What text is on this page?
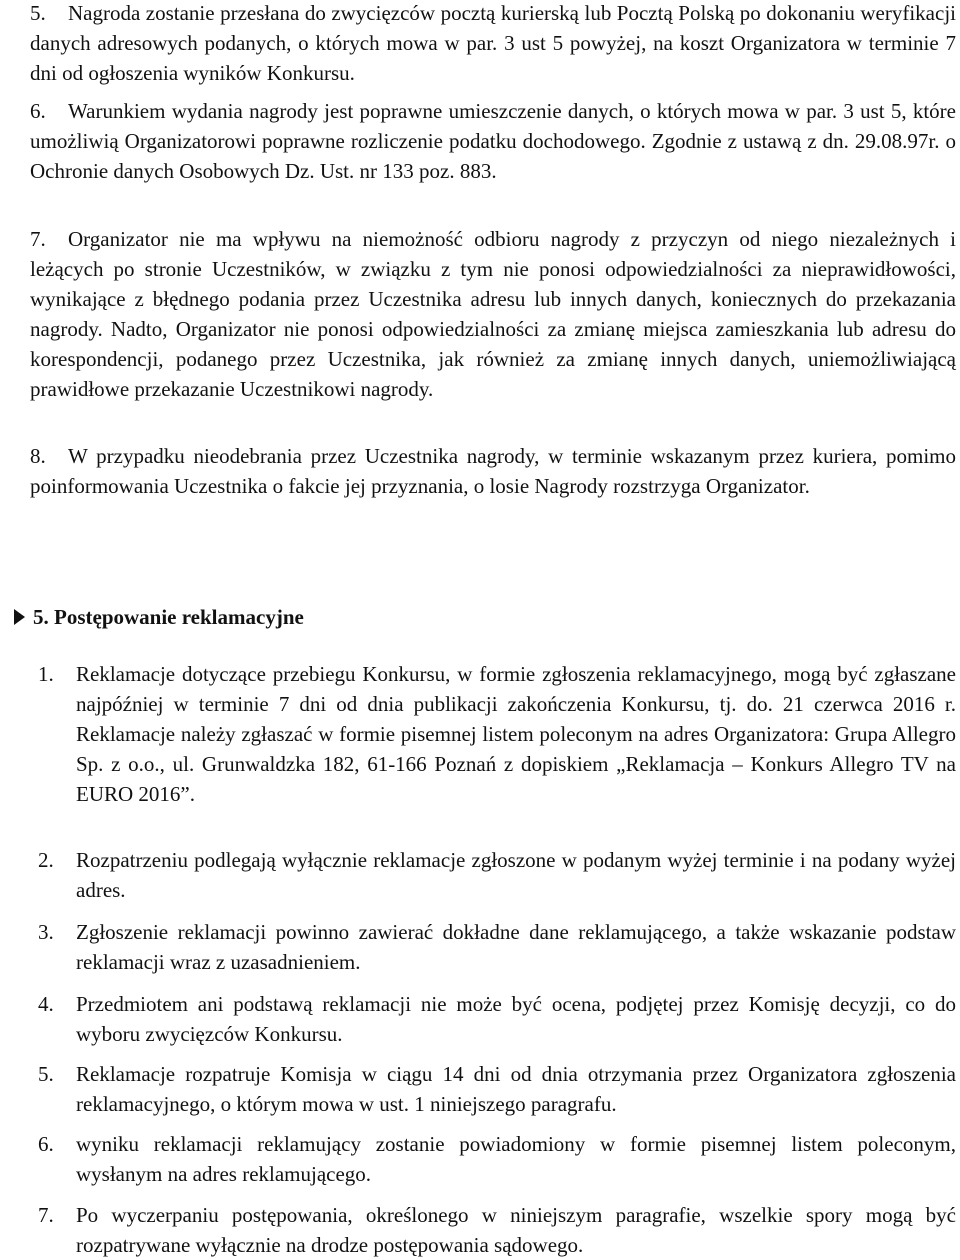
5.	Nagroda zostanie przesłana do zwycięzców pocztą kurierską lub Pocztą Polską po dokonaniu weryfikacji danych adresowych podanych, o których mowa w par. 3 ust 5 powyżej, na koszt Organizatora w terminie 7 dni od ogłoszenia wyników Konkursu.
6.	Warunkiem wydania nagrody jest poprawne umieszczenie danych, o których mowa w par. 3 ust 5, które umożliwią Organizatorowi poprawne rozliczenie podatku dochodowego. Zgodnie z ustawą z dn. 29.08.97r. o Ochronie danych Osobowych Dz. Ust. nr 133 poz. 883.
7.	Organizator nie ma wpływu na niemożność odbioru nagrody z przyczyn od niego niezależnych i leżących po stronie Uczestników, w związku z tym nie ponosi odpowiedzialności za nieprawidłowości, wynikające z błędnego podania przez Uczestnika adresu lub innych danych, koniecznych do przekazania nagrody. Nadto, Organizator nie ponosi odpowiedzialności za zmianę miejsca zamieszkania lub adresu do korespondencji, podanego przez Uczestnika, jak również za zmianę innych danych, uniemożliwiającą prawidłowe przekazanie Uczestnikowi nagrody.
8.	W przypadku nieodebrania przez Uczestnika nagrody, w terminie wskazanym przez kuriera, pomimo poinformowania Uczestnika o fakcie jej przyznania, o losie Nagrody rozstrzyga Organizator.
5. Postępowanie reklamacyjne
1.	Reklamacje dotyczące przebiegu Konkursu, w formie zgłoszenia reklamacyjnego, mogą być zgłaszane najpóźniej w terminie 7 dni od dnia publikacji zakończenia Konkursu, tj. do. 21 czerwca 2016 r. Reklamacje należy zgłaszać w formie pisemnej listem poleconym na adres Organizatora: Grupa Allegro Sp. z o.o., ul. Grunwaldzka 182, 61-166 Poznań z dopiskiem „Reklamacja – Konkurs Allegro TV na EURO 2016”.
2.	Rozpatrzeniu podlegają wyłącznie reklamacje zgłoszone w podanym wyżej terminie i na podany wyżej adres.
3.	Zgłoszenie reklamacji powinno zawierać dokładne dane reklamującego, a także wskazanie podstaw reklamacji wraz z uzasadnieniem.
4.	Przedmiotem ani podstawą reklamacji nie może być ocena, podjętej przez Komisję decyzji, co do wyboru zwycięzców Konkursu.
5.	Reklamacje rozpatruje Komisja w ciągu 14 dni od dnia otrzymania przez Organizatora zgłoszenia reklamacyjnego, o którym mowa w ust. 1 niniejszego paragrafu.
6.	wyniku reklamacji reklamujący zostanie powiadomiony w formie pisemnej listem poleconym, wysłanym na adres reklamującego.
7.	Po wyczerpaniu postępowania, określonego w niniejszym paragrafie, wszelkie spory mogą być rozpatrywane wyłącznie na drodze postępowania sądowego.
